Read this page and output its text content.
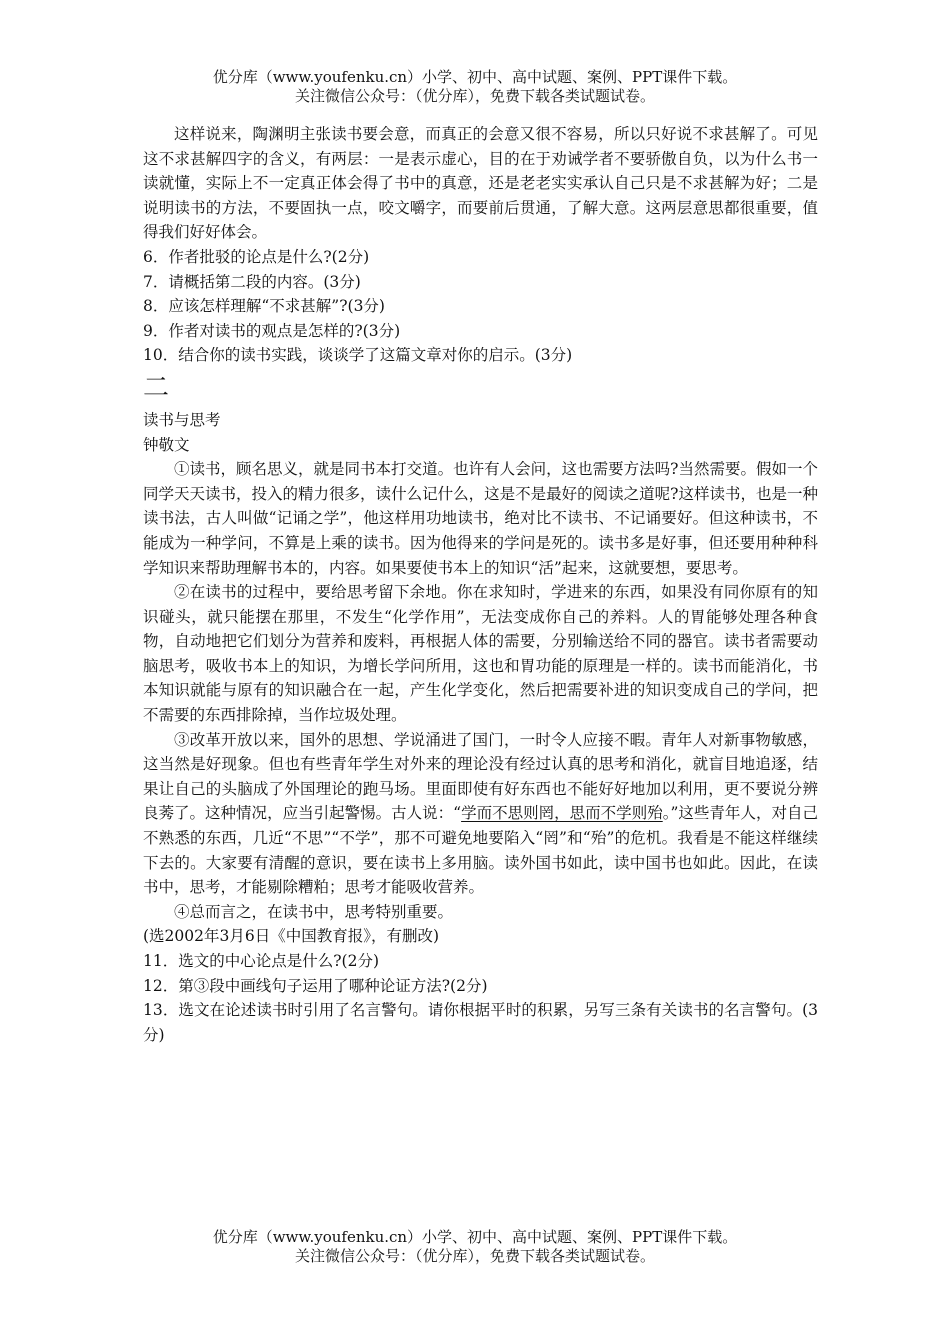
优分库（www.youfenku.cn）小学、初中、高中试题、案例、PPT课件下载。
关注微信公众号：（优分库），免费下载各类试题试卷。

这样说来，陶渊明主张读书要会意，而真正的会意又很不容易，所以只好说不求甚解了。可见这不求甚解四字的含义，有两层：一是表示虚心，目的在于劝诫学者不要骄傲自负，以为什么书一读就懂，实际上不一定真正体会得了书中的真意，还是老老实实承认自己只是不求甚解为好；二是说明读书的方法，不要固执一点，咬文嚼字，而要前后贯通，了解大意。这两层意思都很重要，值得我们好好体会。

6．作者批驳的论点是什么?(2分)

7．请概括第二段的内容。(3分)

8．应该怎样理解“不求甚解”?(3分)

9．作者对读书的观点是怎样的?(3分)

10．结合你的读书实践，谈谈学了这篇文章对你的启示。(3分)

二

读书与思考

钟敬文

①读书，顾名思义，就是同书本打交道。也许有人会问，这也需要方法吗?当然需要。假如一个同学天天读书，投入的精力很多，读什么记什么，这是不是最好的阅读之道呢?这样读书，也是一种读书法，古人叫做“记诵之学”，他这样用功地读书，绝对比不读书、不记诵要好。但这种读书，不能成为一种学问，不算是上乘的读书。因为他得来的学问是死的。读书多是好事，但还要用种种科学知识来帮助理解书本的，内容。如果要使书本上的知识“活”起来，这就要想，要思考。

②在读书的过程中，要给思考留下余地。你在求知时，学进来的东西，如果没有同你原有的知识碰头，就只能摆在那里，不发生“化学作用”，无法变成你自己的养料。人的胃能够处理各种食物，自动地把它们划分为营养和废料，再根据人体的需要，分别输送给不同的器官。读书者需要动脑思考，吸收书本上的知识，为增长学问所用，这也和胃功能的原理是一样的。读书而能消化，书本知识就能与原有的知识融合在一起，产生化学变化，然后把需要补进的知识变成自己的学问，把不需要的东西排除掉，当作垃圾处理。

③改革开放以来，国外的思想、学说涌进了国门，一时令人应接不暇。青年人对新事物敏感，这当然是好现象。但也有些青年学生对外来的理论没有经过认真的思考和消化，就盲目地追逐，结果让自己的头脑成了外国理论的跑马场。里面即使有好东西也不能好好地加以利用，更不要说分辨良莠了。这种情况，应当引起警惕。古人说：“学而不思则罔，思而不学则殆。”这些青年人，对自己不熟悉的东西，几近“不思”“不学”，那不可避免地要陷入“罔”和“殆”的危机。我看是不能这样继续下去的。大家要有清醒的意识，要在读书上多用脑。读外国书如此，读中国书也如此。因此，在读书中，思考，才能剔除糟粕；思考才能吸收营养。

④总而言之，在读书中，思考特别重要。

(选2002年3月6日《中国教育报》，有删改)

11．选文的中心论点是什么?(2分)

12．第③段中画线句子运用了哪种论证方法?(2分)

13．选文在论述读书时引用了名言警句。请你根据平时的积累，另写三条有关读书的名言警句。(3分)

优分库（www.youfenku.cn）小学、初中、高中试题、案例、PPT课件下载。
关注微信公众号：（优分库），免费下载各类试题试卷。
